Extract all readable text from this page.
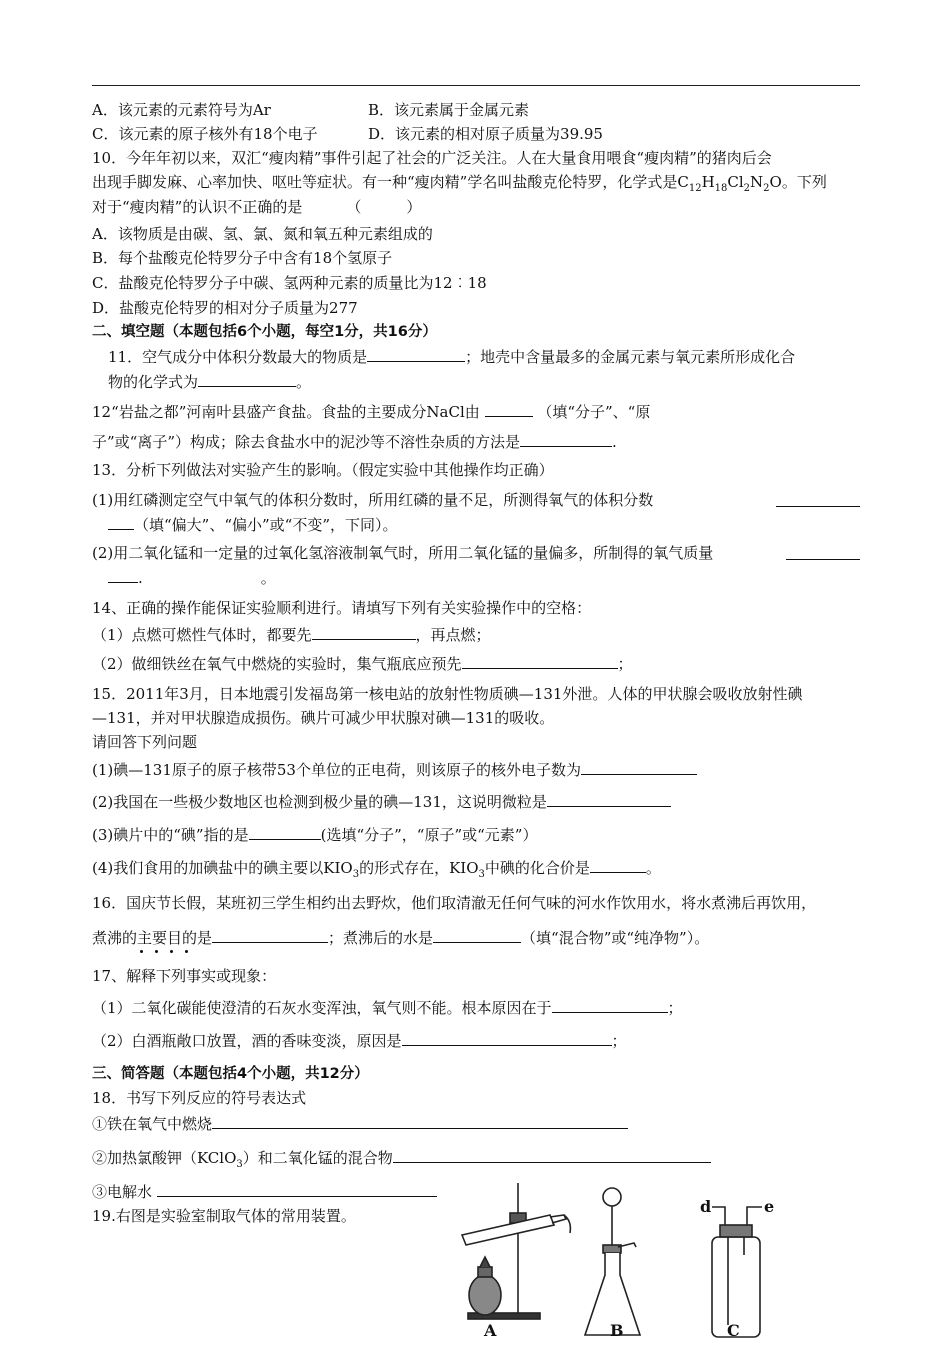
A．该元素的元素符号为Ar	B．该元素属于金属元素
C．该元素的原子核外有18个电子	D．该元素的相对原子质量为39.95
10．今年年初以来，双汇“瘦肉精”事件引起了社会的广泛关注。人在大量食用喂食“瘦肉精”的猪肉后会
出现手脚发麻、心率加快、呕吐等症状。有一种“瘦肉精”学名叫盐酸克伦特罗，化学式是$C_{12}H_{18}Cl_2N_2O$。下列
对于“瘦肉精”的认识不正确的是	（　　　）
A．该物质是由碳、氢、氯、氮和氧五种元素组成的
B．每个盐酸克伦特罗分子中含有18个氢原子
C．盐酸克伦特罗分子中碳、氢两种元素的质量比为12︰18
D．盐酸克伦特罗的相对分子质量为277
二、填空题（本题包括6个小题，每空1分，共16分）
11．空气成分中体积分数最大的物质是	；地壳中含量最多的金属元素与氧元素所形成化合
物的化学式为	。
12“岩盐之都”河南叶县盛产食盐。食盐的主要成分NaCl由	（填“分子”、“原
子”或“离子”）构成；除去食盐水中的泥沙等不溶性杂质的方法是	.
13．分析下列做法对实验产生的影响。（假定实验中其他操作均正确）
(1)用红磷测定空气中氧气的体积分数时，所用红磷的量不足，所测得氧气的体积分数
（填“偏大”、“偏小”或“不变”，下同）。
(2)用二氧化锰和一定量的过氧化氢溶液制氧气时，所用二氧化锰的量偏多，所制得的氧气质量
.	。
14、正确的操作能保证实验顺利进行。请填写下列有关实验操作中的空格：
（1）点燃可燃性气体时，都要先	，再点燃；
（2）做细铁丝在氧气中燃烧的实验时，集气瓶底应预先	；
15．2011年3月，日本地震引发福岛第一核电站的放射性物质碘—131外泄。人体的甲状腺会吸收放射性碘
—131，并对甲状腺造成损伤。碘片可减少甲状腺对碘—131的吸收。
请回答下列问题
(1)碘—131原子的原子核带53个单位的正电荷，则该原子的核外电子数为
(2)我国在一些极少数地区也检测到极少量的碘—131，这说明微粒是
(3)碘片中的“碘”指的是	(选填“分子”，“原子”或“元素”）
(4)我们食用的加碘盐中的碘主要以$KIO_3$的形式存在，$KIO_3$中碘的化合价是	。
16．国庆节长假，某班初三学生相约出去野炊，他们取清澈无任何气味的河水作饮用水，将水煮沸后再饮用，
煮沸的主要目的是	；煮沸后的水是	（填“混合物”或“纯净物”）。
17、解释下列事实或现象：
（1）二氧化碳能使澄清的石灰水变浑浊，氧气则不能。根本原因在于	；
（2）白酒瓶敞口放置，酒的香味变淡，原因是	；
三、简答题（本题包括4个小题，共12分）
18．书写下列反应的符号表达式
①铁在氧气中燃烧
②加热氯酸钾（KClO$_3$）和二氧化锰的混合物
③电解水
19.右图是实验室制取气体的常用装置。
A	B	C
d	e
